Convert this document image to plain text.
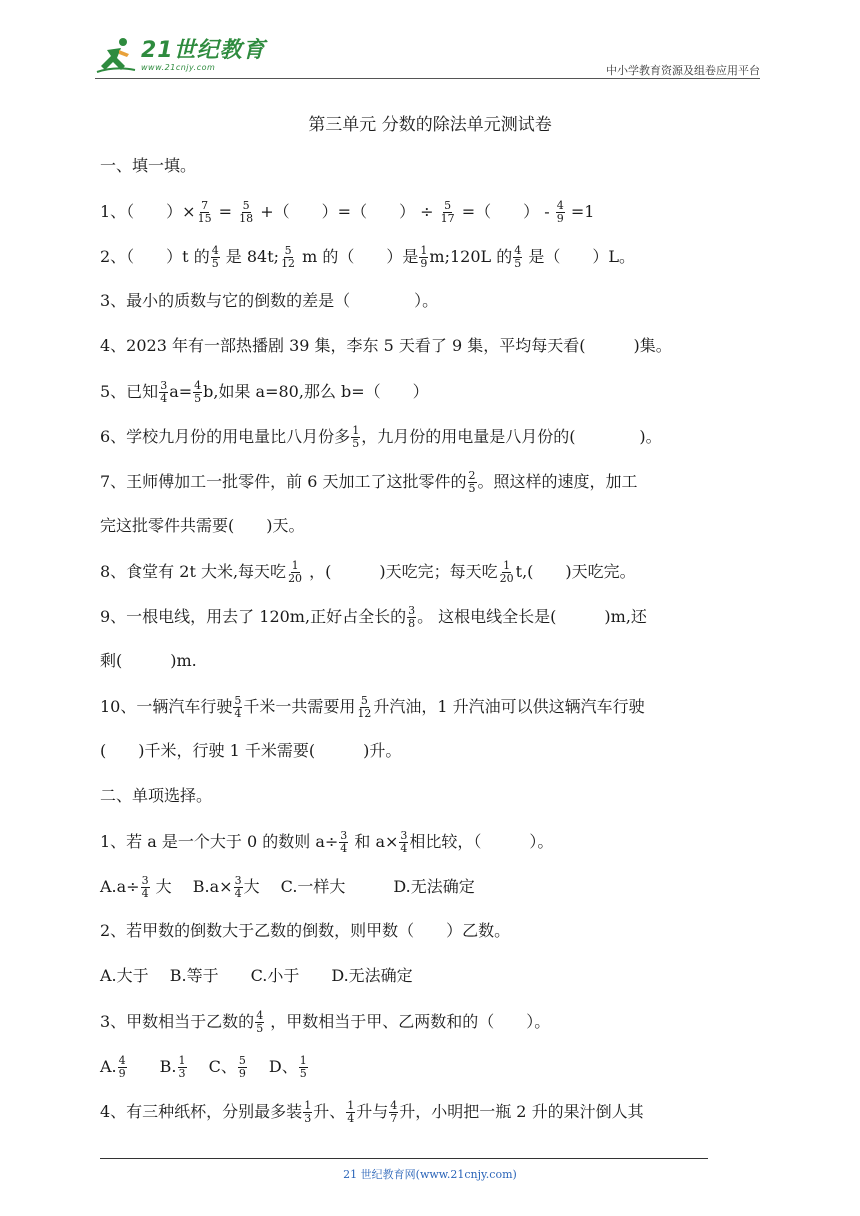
21世纪教育
www.21cnjy.com	中小学教育资源及组卷应用平台
第三单元 分数的除法单元测试卷
一、填一填。
1、（　　）× $\frac{7}{15} = \frac{5}{18}$ +（　　）=（　　） ÷ $\frac{5}{17}$ =（　　） - $\frac{4}{9} =1$
2、（　　）t 的 $\frac{4}{5}$ 是 84t; $\frac{5}{12}$ m 的（　　）是 $\frac{1}{9}$ m;120L 的 $\frac{4}{5}$ 是（　　）L。
3、最小的质数与它的倒数的差是（　　　　）。
4、2023 年有一部热播剧 39 集，李东 5 天看了 9 集，平均每天看(　　　)集。
5、已知 $\frac{3}{4} a= \frac{4}{5} b$,如果 a=80,那么 b=（　　）
6、学校九月份的用电量比八月份多 $\frac{1}{5}$ ，九月份的用电量是八月份的(　　　　)。
7、王师傅加工一批零件，前 6 天加工了这批零件的 $\frac{2}{5}$ 。照这样的速度，加工
完这批零件共需要(　　)天。
8、食堂有 2t 大米,每天吃 $\frac{1}{20}$ ，(　　　)天吃完；每天吃 $\frac{1}{20} t$,(　　)天吃完。
9、一根电线，用去了 120m,正好占全长的 $\frac{3}{8}$ 。 这根电线全长是(　　　)m,还
剩(　　　)m.
10、一辆汽车行驶 $\frac{5}{4}$ 千米一共需要用 $\frac{5}{12}$ 升汽油，1 升汽油可以供这辆汽车行驶
(　　)千米，行驶 1 千米需要(　　　)升。
二、单项选择。
1、若 a 是一个大于 0 的数则 $a\div \frac{3}{4}$ 和 $a\times \frac{3}{4}$ 相比较，（　　　）。
$A.a\div \frac{3}{4}$ 大　 $B.a\times \frac{3}{4}$ 大　 C.一样大　　　D.无法确定
2、若甲数的倒数大于乙数的倒数，则甲数（　　）乙数。
A.大于　 B.等于　　C.小于　　D.无法确定
3、甲数相当于乙数的 $\frac{4}{5}$ ，甲数相当于甲、乙两数和的（　　）。
A. $\frac{4}{9}$ 　　B. $\frac{1}{3}$ 　 C、 $\frac{5}{9}$ 　 D、 $\frac{1}{5}$
4、有三种纸杯，分别最多装 $\frac{1}{3}$ 升、 $\frac{1}{4}$ 升与 $\frac{4}{7}$ 升，小明把一瓶 2 升的果汁倒人其
21 世纪教育网(www.21cnjy.com)
